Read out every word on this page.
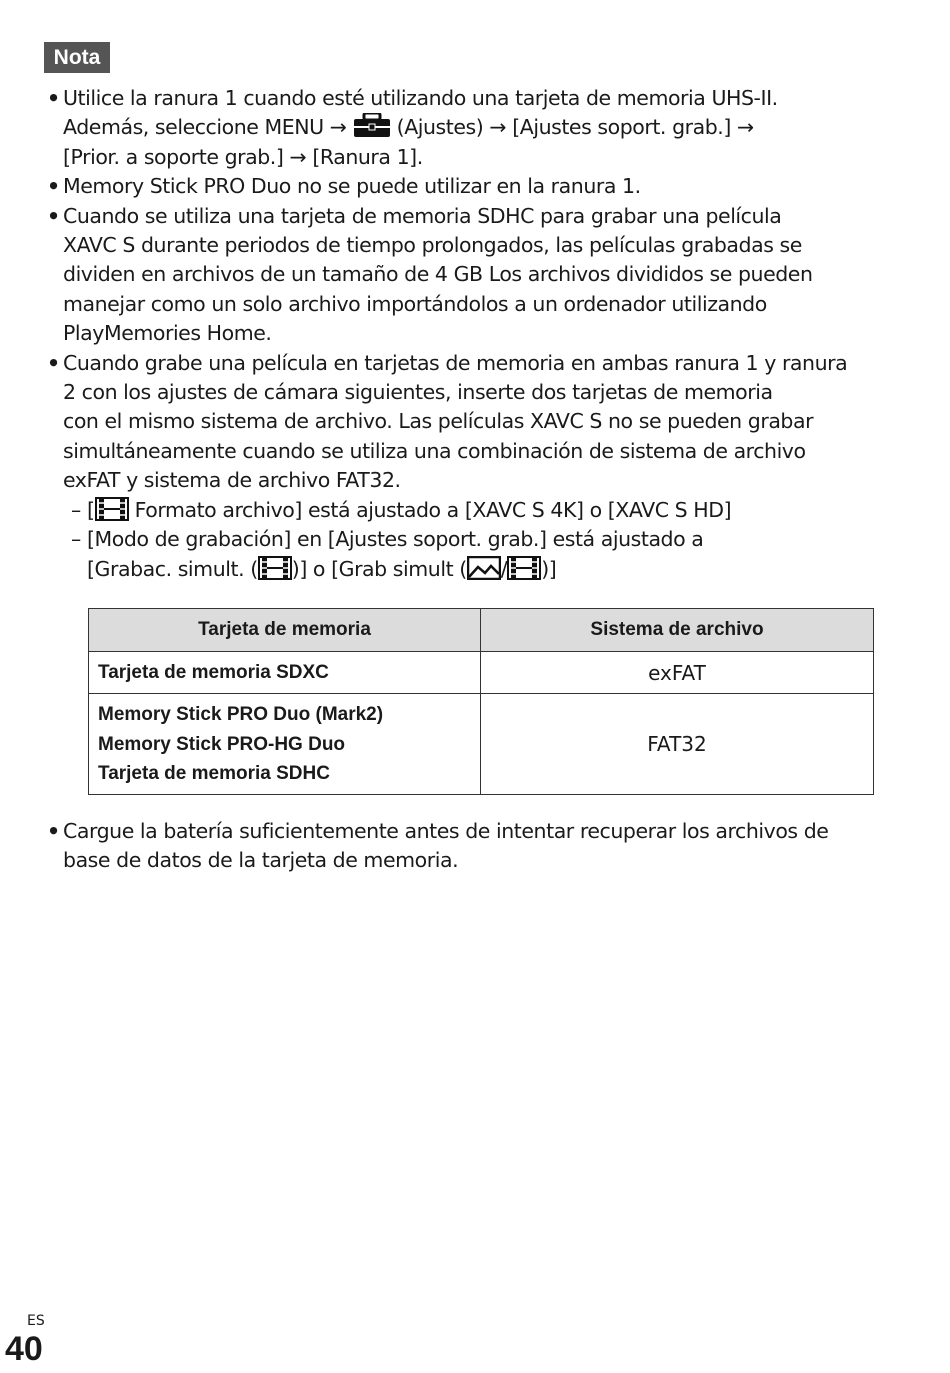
Nota
• Utilice la ranura 1 cuando esté utilizando una tarjeta de memoria UHS-II.
Además, seleccione MENU → (Ajustes) → [Ajustes soport. grab.] →
[Prior. a soporte grab.] → [Ranura 1].
• Memory Stick PRO Duo no se puede utilizar en la ranura 1.
• Cuando se utiliza una tarjeta de memoria SDHC para grabar una película
XAVC S durante periodos de tiempo prolongados, las películas grabadas se
dividen en archivos de un tamaño de 4 GB Los archivos divididos se pueden
manejar como un solo archivo importándolos a un ordenador utilizando
PlayMemories Home.
• Cuando grabe una película en tarjetas de memoria en ambas ranura 1 y ranura
2 con los ajustes de cámara siguientes, inserte dos tarjetas de memoria
con el mismo sistema de archivo. Las películas XAVC S no se pueden grabar
simultáneamente cuando se utiliza una combinación de sistema de archivo
exFAT y sistema de archivo FAT32.
– [ Formato archivo] está ajustado a [XAVC S 4K] o [XAVC S HD]
– [Modo de grabación] en [Ajustes soport. grab.] está ajustado a
[Grabac. simult. ( )] o [Grab simult ( / )]
Tarjeta de memoria	Sistema de archivo
Tarjeta de memoria SDXC	exFAT

Memory Stick PRO Duo (Mark2)
Memory Stick PRO-HG Duo
Tarjeta de memoria SDHC	FAT32
• Cargue la batería suficientemente antes de intentar recuperar los archivos de
base de datos de la tarjeta de memoria.
ES
40
